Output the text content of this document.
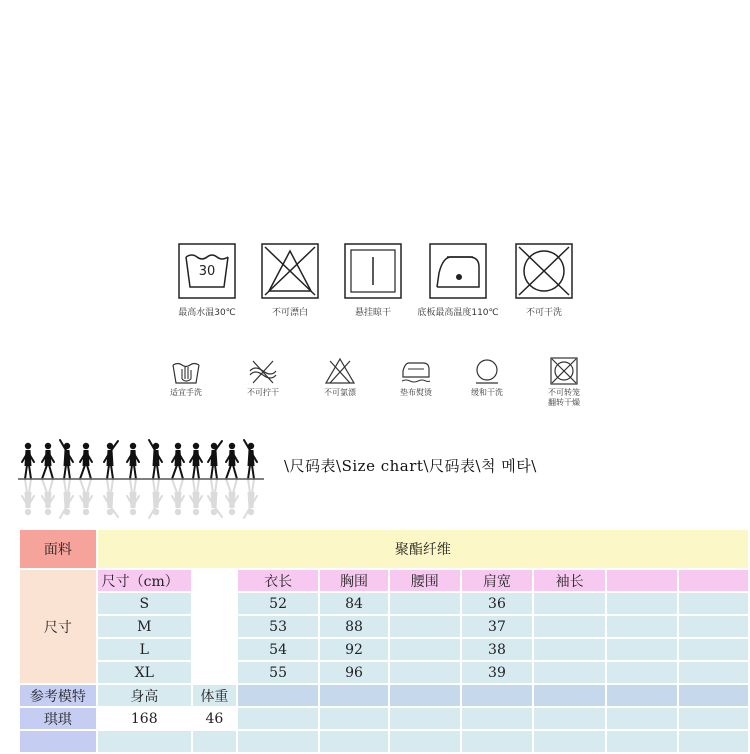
30
最高水温30℃	不可漂白	悬挂晾干	底板最高温度110℃	不可干洗
适宜手洗	不可拧干	不可氯漂	垫布熨烫	缓和干洗	不可转笼
翻转干燥
\尺码表\Size chart\尺码表\척 메타\
面料	聚酯纤维								
尺寸	尺寸（cm）		衣长	胸围	腰围	肩宽	袖长		
	S		52	84		36			
	M		53	88		37			
	L		54	92		38			
	XL		55	96		39			
参考模特	身高	体重							
琪琪	168	46							
